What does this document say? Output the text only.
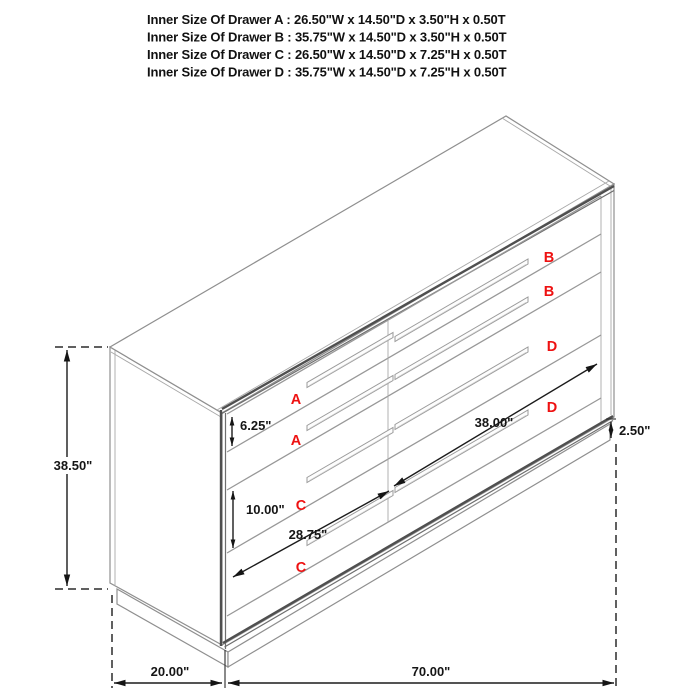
Inner Size Of Drawer A : 26.50"W x 14.50"D x 3.50"H x 0.50T
Inner Size Of Drawer B : 35.75"W x 14.50"D x 3.50"H x 0.50T
Inner Size Of Drawer C : 26.50"W x 14.50"D x 7.25"H x 0.50T
Inner Size Of Drawer D : 35.75"W x 14.50"D x 7.25"H x 0.50T
38.50"
6.25"
10.00"
28.75"
38.00"
2.50"
20.00"	70.00"
A
A
C
C
B
B
D
D
